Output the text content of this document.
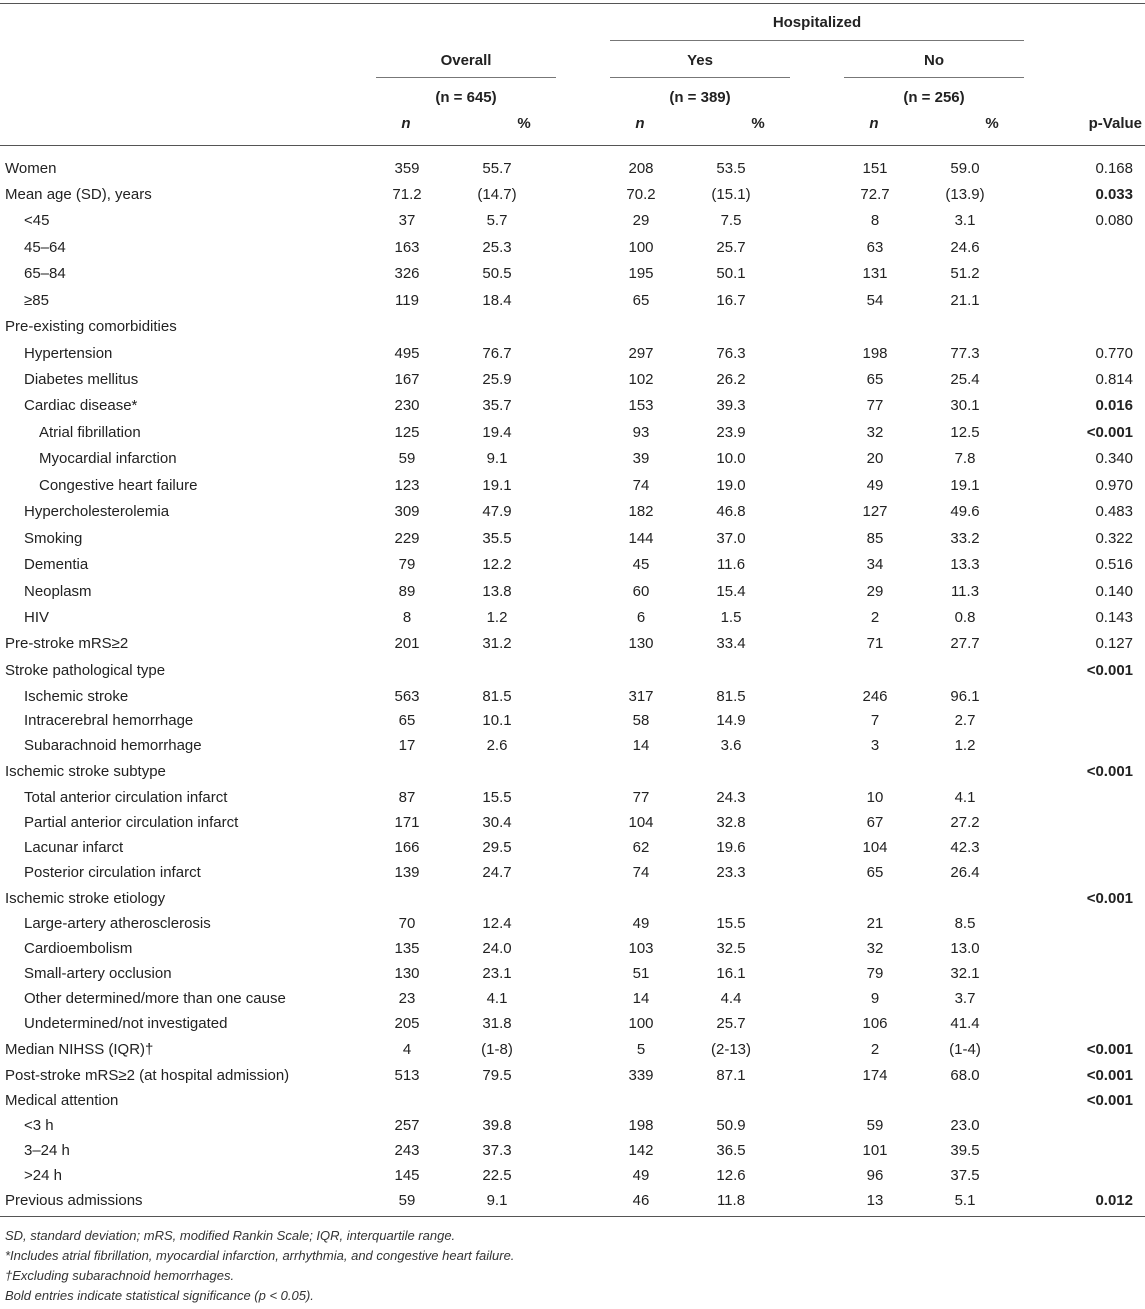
Hospitalized
Overall	Yes	No
(n = 645)	(n = 389)	(n = 256)
n	%	n	%	n	%	p-Value
Women	359	55.7		208	53.5		151	59.0	0.168
Mean age (SD), years	71.2	(14.7)		70.2	(15.1)		72.7	(13.9)	0.033
<45	37	5.7		29	7.5		8	3.1	0.080
45–64	163	25.3		100	25.7		63	24.6	
65–84	326	50.5		195	50.1		131	51.2	
≥85	119	18.4		65	16.7		54	21.1	
Pre-existing comorbidities									
Hypertension	495	76.7		297	76.3		198	77.3	0.770
Diabetes mellitus	167	25.9		102	26.2		65	25.4	0.814
Cardiac disease*	230	35.7		153	39.3		77	30.1	0.016
Atrial fibrillation	125	19.4		93	23.9		32	12.5	<0.001
Myocardial infarction	59	9.1		39	10.0		20	7.8	0.340
Congestive heart failure	123	19.1		74	19.0		49	19.1	0.970
Hypercholesterolemia	309	47.9		182	46.8		127	49.6	0.483
Smoking	229	35.5		144	37.0		85	33.2	0.322
Dementia	79	12.2		45	11.6		34	13.3	0.516
Neoplasm	89	13.8		60	15.4		29	11.3	0.140
HIV	8	1.2		6	1.5		2	0.8	0.143
Pre-stroke mRS≥2	201	31.2		130	33.4		71	27.7	0.127
Stroke pathological type									<0.001
Ischemic stroke	563	81.5		317	81.5		246	96.1	
Intracerebral hemorrhage	65	10.1		58	14.9		7	2.7	
Subarachnoid hemorrhage	17	2.6		14	3.6		3	1.2	
Ischemic stroke subtype									<0.001
Total anterior circulation infarct	87	15.5		77	24.3		10	4.1	
Partial anterior circulation infarct	171	30.4		104	32.8		67	27.2	
Lacunar infarct	166	29.5		62	19.6		104	42.3	
Posterior circulation infarct	139	24.7		74	23.3		65	26.4	
Ischemic stroke etiology									<0.001
Large-artery atherosclerosis	70	12.4		49	15.5		21	8.5	
Cardioembolism	135	24.0		103	32.5		32	13.0	
Small-artery occlusion	130	23.1		51	16.1		79	32.1	
Other determined/more than one cause	23	4.1		14	4.4		9	3.7	
Undetermined/not investigated	205	31.8		100	25.7		106	41.4	
Median NIHSS (IQR)†	4	(1-8)		5	(2-13)		2	(1-4)	<0.001
Post-stroke mRS≥2 (at hospital admission)	513	79.5		339	87.1		174	68.0	<0.001
Medical attention									<0.001
<3 h	257	39.8		198	50.9		59	23.0	
3–24 h	243	37.3		142	36.5		101	39.5	
>24 h	145	22.5		49	12.6		96	37.5	
Previous admissions	59	9.1		46	11.8		13	5.1	0.012
SD, standard deviation; mRS, modified Rankin Scale; IQR, interquartile range.
*Includes atrial fibrillation, myocardial infarction, arrhythmia, and congestive heart failure.
†Excluding subarachnoid hemorrhages.
Bold entries indicate statistical significance (p < 0.05).
